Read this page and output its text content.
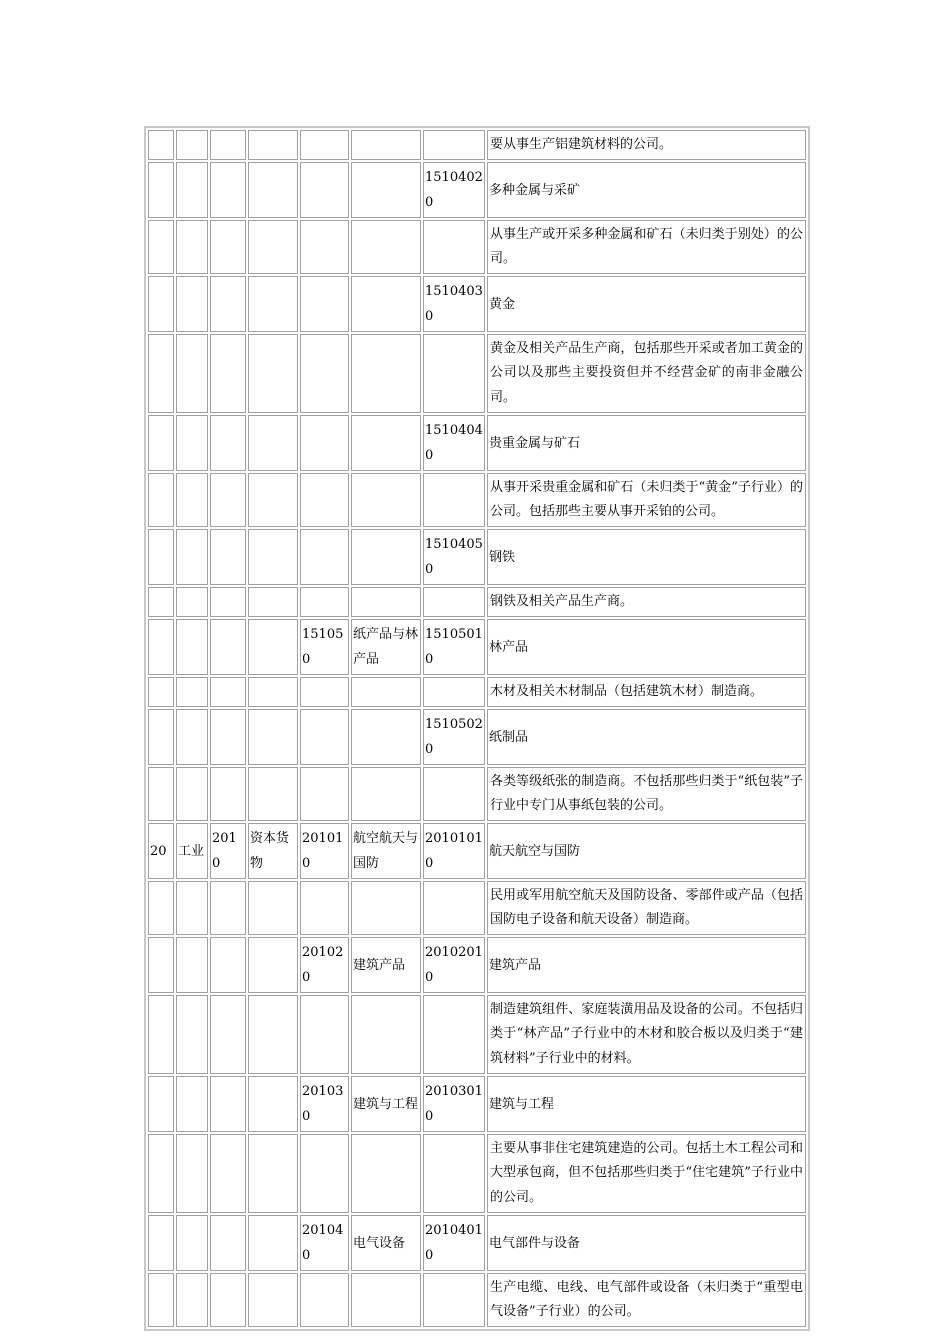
							要从事生产铝建筑材料的公司。
						15104020	多种金属与采矿
							从事生产或开采多种金属和矿石（未归类于别处）的公司。
						15104030	黄金
							黄金及相关产品生产商，包括那些开采或者加工黄金的公司以及那些主要投资但并不经营金矿的南非金融公司。
						15104040	贵重金属与矿石
							从事开采贵重金属和矿石（未归类于“黄金”子行业）的公司。包括那些主要从事开采铂的公司。
						15104050	钢铁
							钢铁及相关产品生产商。
				151050	纸产品与林产品	15105010	林产品
							木材及相关木材制品（包括建筑木材）制造商。
						15105020	纸制品
							各类等级纸张的制造商。不包括那些归类于“纸包装”子行业中专门从事纸包装的公司。
20	工业	2010	资本货物	201010	航空航天与国防	20101010	航天航空与国防
							民用或军用航空航天及国防设备、零部件或产品（包括国防电子设备和航天设备）制造商。
				201020	建筑产品	20102010	建筑产品
							制造建筑组件、家庭装潢用品及设备的公司。不包括归类于“林产品”子行业中的木材和胶合板以及归类于“建筑材料”子行业中的材料。
				201030	建筑与工程	20103010	建筑与工程
							主要从事非住宅建筑建造的公司。包括土木工程公司和大型承包商，但不包括那些归类于“住宅建筑”子行业中的公司。
				201040	电气设备	20104010	电气部件与设备
							生产电缆、电线、电气部件或设备（未归类于“重型电气设备”子行业）的公司。
